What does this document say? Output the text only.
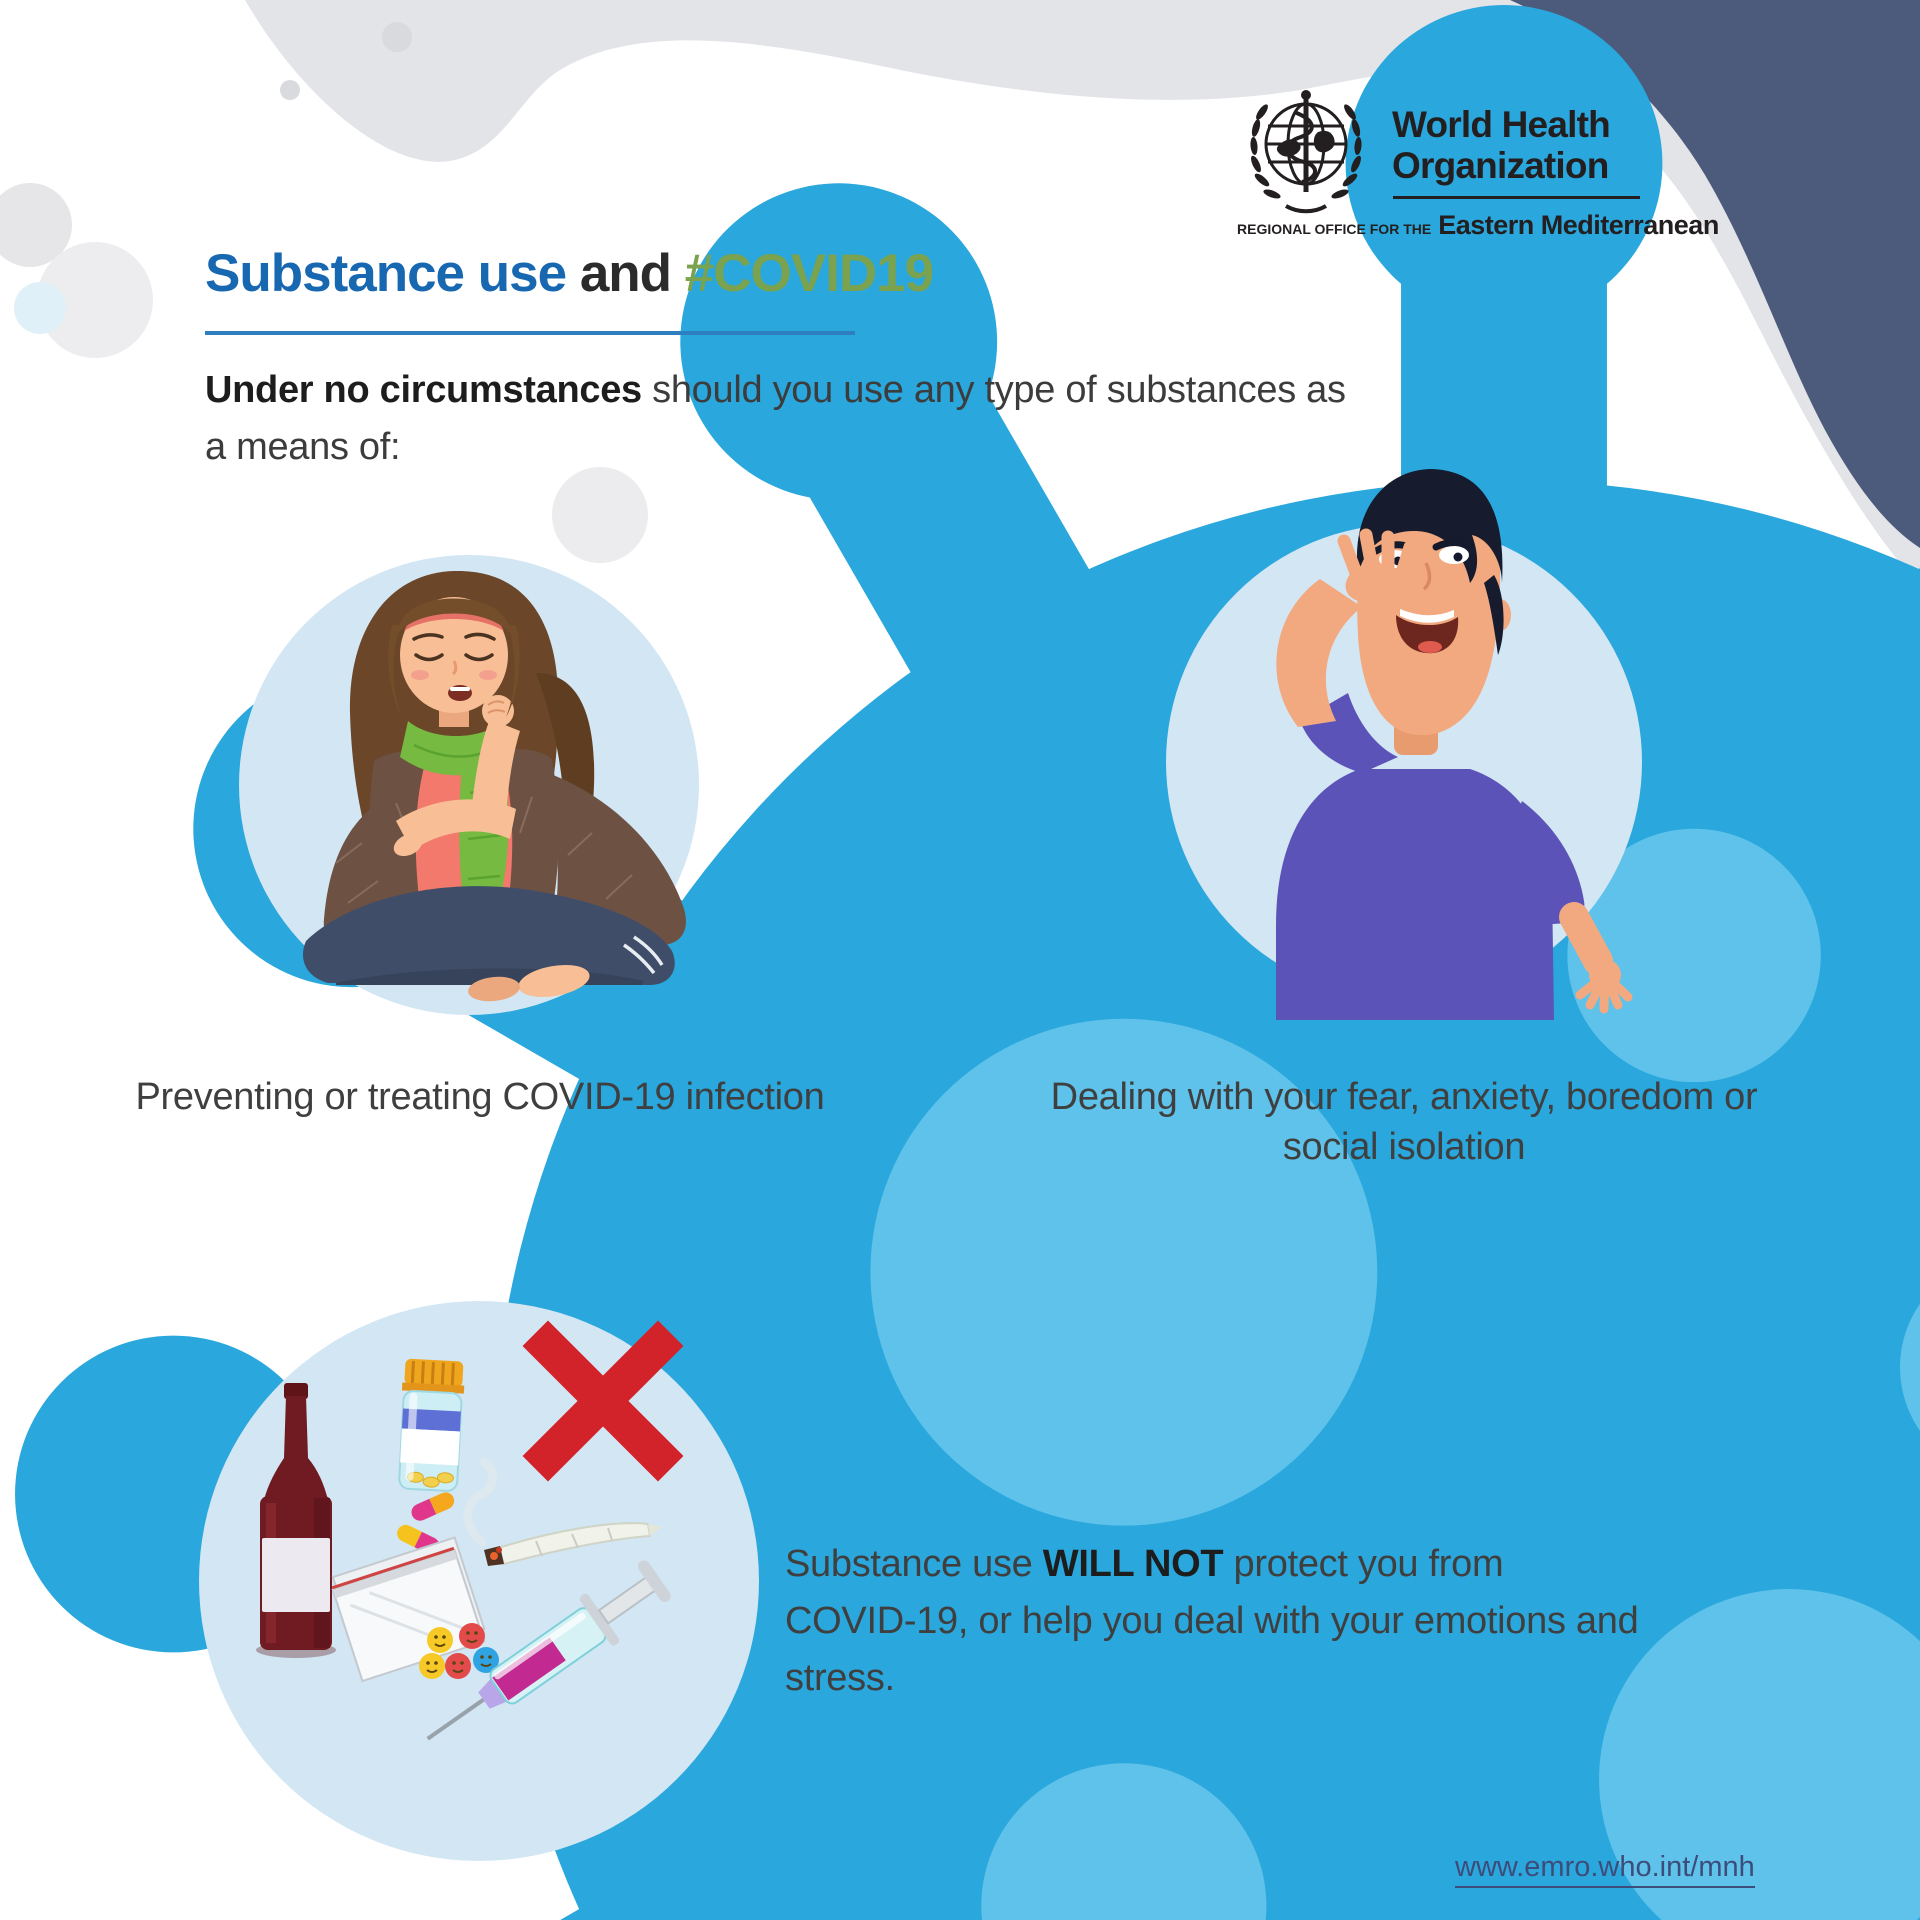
World Health
Organization
REGIONAL OFFICE FOR THE Eastern Mediterranean
Substance use and #COVID19

Under no circumstances should you use any type of substances as
a means of:

Preventing or treating COVID-19 infection	Dealing with your fear, anxiety, boredom or
social isolation

Substance use WILL NOT protect you from
COVID-19, or help you deal with your emotions and
stress.

www.emro.who.int/mnh
